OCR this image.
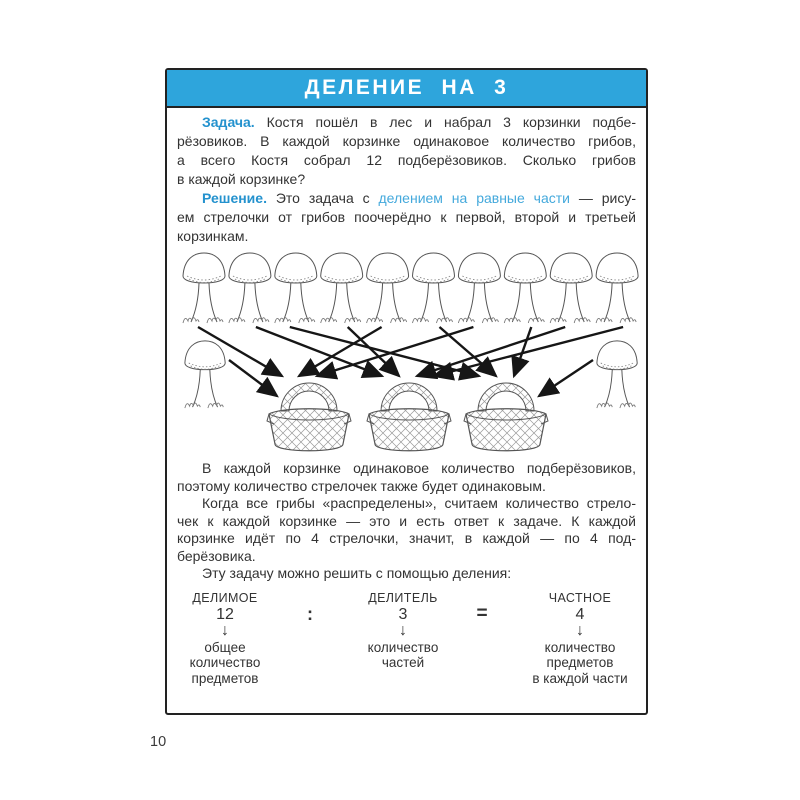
ДЕЛЕНИЕ НА 3
Задача. Костя пошёл в лес и набрал 3 корзинки подбе-
рёзовиков. В каждой корзинке одинаковое количество грибов,
а всего Костя собрал 12 подберёзовиков. Сколько грибов
в каждой корзинке?
Решение. Это задача с делением на равные части — рису-
ем стрелочки от грибов поочерёдно к первой, второй и третьей
корзинкам.
В каждой корзинке одинаковое количество подберёзовиков,
поэтому количество стрелочек также будет одинаковым.
Когда все грибы «распределены», считаем количество стрело-
чек к каждой корзинке — это и есть ответ к задаче. К каждой
корзинке идёт по 4 стрелочки, значит, в каждой — по 4 под-
берёзовика.
Эту задачу можно решить с помощью деления:
ДЕЛИМОЕ
12
↓
общее
количество
предметов
:
ДЕЛИТЕЛЬ
3
↓
количество
частей
=
ЧАСТНОЕ
4
↓
количество
предметов
в каждой части
10
